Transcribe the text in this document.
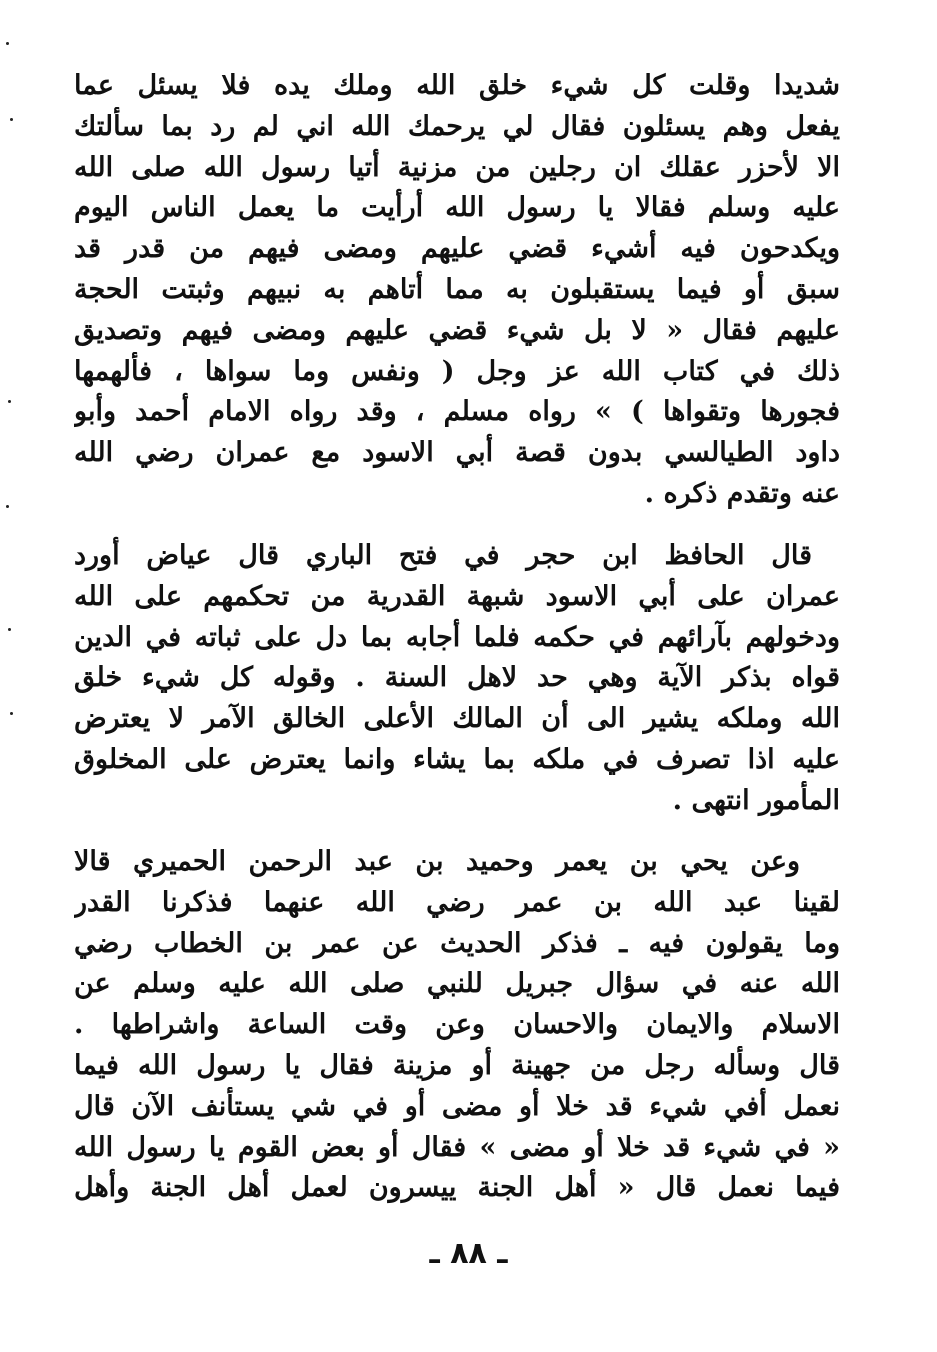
شديدا وقلت كل شيء خلق الله وملك يده فلا يسئل عما
يفعل وهم يسئلون فقال لي يرحمك الله اني لم رد بما سألتك
الا لأحزر عقلك ان رجلين من مزنية أتيا رسول الله صلى الله
عليه وسلم فقالا يا رسول الله أرأيت ما يعمل الناس اليوم
ويكدحون فيه أشيء قضي عليهم ومضى فيهم من قدر قد
سبق أو فيما يستقبلون به مما أتاهم به نبيهم وثبتت الحجة
عليهم فقال « لا بل شيء قضي عليهم ومضى فيهم وتصديق
ذلك في كتاب الله عز وجل ( ونفس وما سواها ، فألهمها
فجورها وتقواها ) » رواه مسلم ، وقد رواه الامام أحمد وأبو
داود الطيالسي بدون قصة أبي الاسود مع عمران رضي الله
عنه وتقدم ذكره .
قال الحافظ ابن حجر في فتح الباري قال عياض أورد
عمران على أبي الاسود شبهة القدرية من تحكمهم على الله
ودخولهم بآرائهم في حكمه فلما أجابه بما دل على ثباته في الدين
قواه بذكر الآية وهي حد لاهل السنة . وقوله كل شيء خلق
الله وملكه يشير الى أن المالك الأعلى الخالق الآمر لا يعترض
عليه اذا تصرف في ملكه بما يشاء وانما يعترض على المخلوق
المأمور انتهى .
وعن يحي بن يعمر وحميد بن عبد الرحمن الحميري قالا
لقينا عبد الله بن عمر رضي الله عنهما فذكرنا القدر
وما يقولون فيه ـ فذكر الحديث عن عمر بن الخطاب رضي
الله عنه في سؤال جبريل للنبي صلى الله عليه وسلم عن
الاسلام والايمان والاحسان وعن وقت الساعة واشراطها .
قال وسأله رجل من جهينة أو مزينة فقال يا رسول الله فيما
نعمل أفي شيء قد خلا أو مضى أو في شي يستأنف الآن قال
« في شيء قد خلا أو مضى » فقال أو بعض القوم يا رسول الله
فيما نعمل قال « أهل الجنة ييسرون لعمل أهل الجنة وأهل
ـ ٨٨ ـ
